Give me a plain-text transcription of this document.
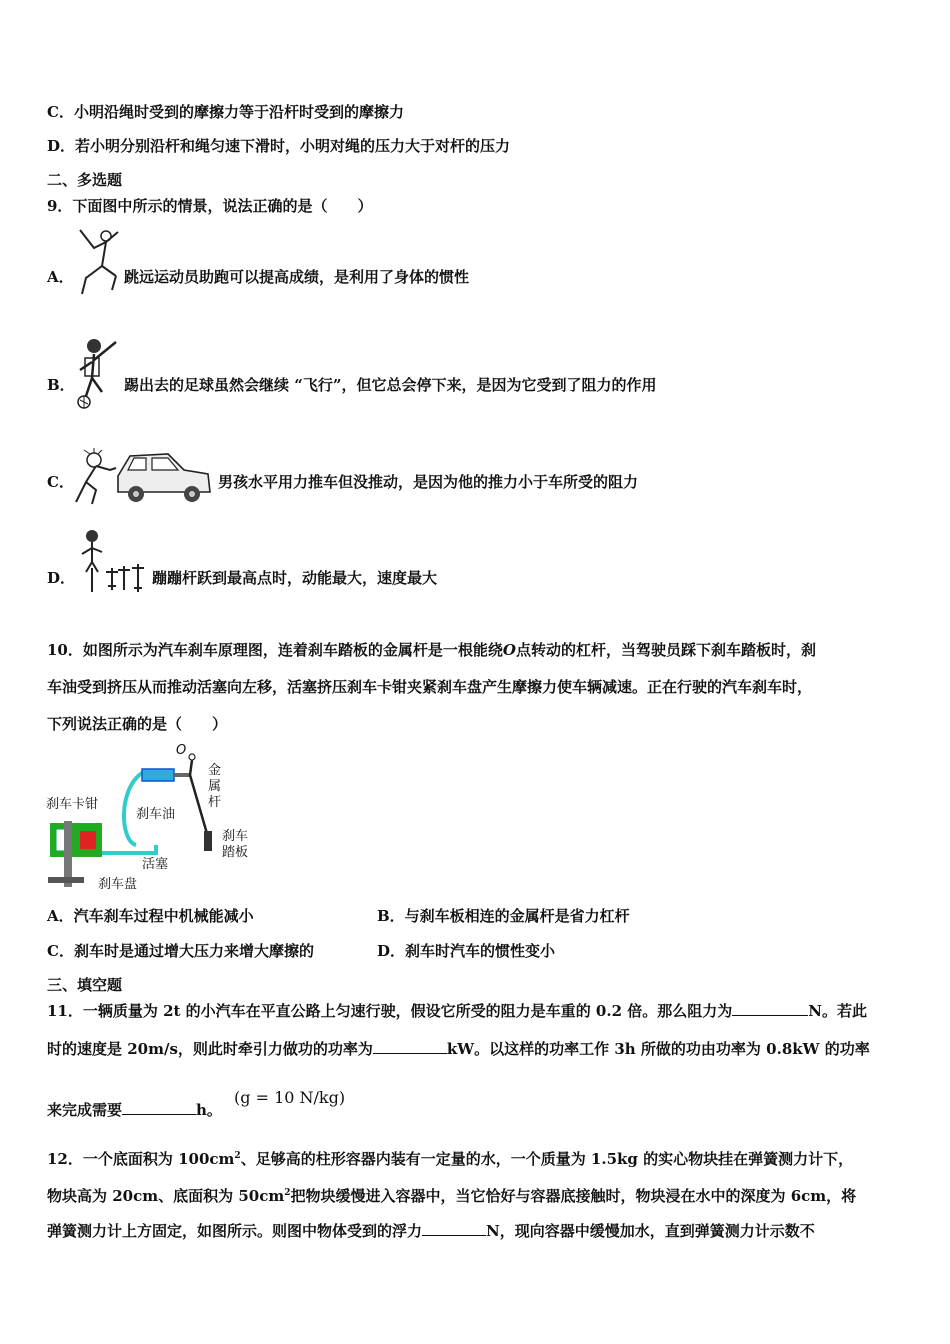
C．小明沿绳时受到的摩擦力等于沿杆时受到的摩擦力
D．若小明分别沿杆和绳匀速下滑时，小明对绳的压力大于对杆的压力
二、多选题
9．下面图中所示的情景，说法正确的是（　　）
A．	跳远运动员助跑可以提高成绩，是利用了身体的惯性
B．	踢出去的足球虽然会继续 “飞行”，但它总会停下来，是因为它受到了阻力的作用
C．	男孩水平用力推车但没推动，是因为他的推力小于车所受的阻力
D．	蹦蹦杆跃到最高点时，动能最大，速度最大
10．如图所示为汽车刹车原理图，连着刹车踏板的金属杆是一根能绕O点转动的杠杆，当驾驶员踩下刹车踏板时，刹
车油受到挤压从而推动活塞向左移，活塞挤压刹车卡钳夹紧刹车盘产生摩擦力使车辆减速。正在行驶的汽车刹车时，
下列说法正确的是（　　）
O
刹车卡钳
刹车油
金属杆
刹车
踏板
活塞
刹车盘
A．汽车刹车过程中机械能减小	B．与刹车板相连的金属杆是省力杠杆
C．刹车时是通过增大压力来增大摩擦的	D．刹车时汽车的惯性变小
三、填空题
11．一辆质量为 2t 的小汽车在平直公路上匀速行驶，假设它所受的阻力是车重的 0.2 倍。那么阻力为	N。若此
时的速度是 20m/s，则此时牵引力做功的功率为	kW。以这样的功率工作 3h 所做的功由功率为 0.8kW 的功率
来完成需要	h。
(g = 10 N/kg)
12．一个底面积为 $100cm^2$、足够高的柱形容器内装有一定量的水，一个质量为 1.5kg 的实心物块挂在弹簧测力计下，
物块高为 20cm、底面积为 $50cm^2$把物块缓慢进入容器中，当它恰好与容器底接触时，物块浸在水中的深度为 6cm，将
弹簧测力计上方固定，如图所示。则图中物体受到的浮力	N，现向容器中缓慢加水，直到弹簧测力计示数不
